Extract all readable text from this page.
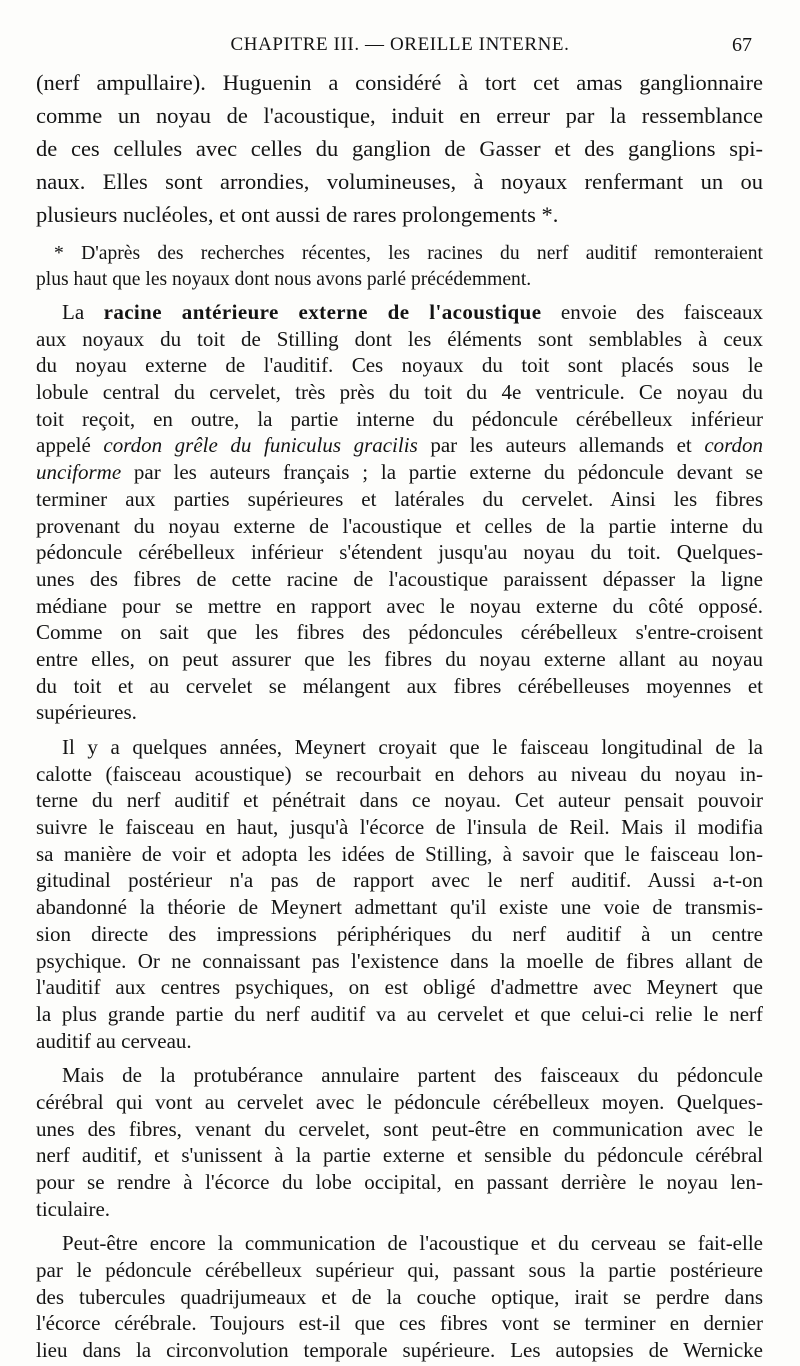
CHAPITRE III. — OREILLE INTERNE.	67
(nerf ampullaire). Huguenin a considéré à tort cet amas ganglionnaire
comme un noyau de l'acoustique, induit en erreur par la ressemblance
de ces cellules avec celles du ganglion de Gasser et des ganglions spi-
naux. Elles sont arrondies, volumineuses, à noyaux renfermant un ou
plusieurs nucléoles, et ont aussi de rares prolongements *.
* D'après des recherches récentes, les racines du nerf auditif remonteraient
plus haut que les noyaux dont nous avons parlé précédemment.
La racine antérieure externe de l'acoustique envoie des faisceaux
aux noyaux du toit de Stilling dont les éléments sont semblables à ceux
du noyau externe de l'auditif. Ces noyaux du toit sont placés sous le
lobule central du cervelet, très près du toit du 4e ventricule. Ce noyau du
toit reçoit, en outre, la partie interne du pédoncule cérébelleux inférieur
appelé cordon grêle du funiculus gracilis par les auteurs allemands et cordon
unciforme par les auteurs français ; la partie externe du pédoncule devant se
terminer aux parties supérieures et latérales du cervelet. Ainsi les fibres
provenant du noyau externe de l'acoustique et celles de la partie interne du
pédoncule cérébelleux inférieur s'étendent jusqu'au noyau du toit. Quelques-
unes des fibres de cette racine de l'acoustique paraissent dépasser la ligne
médiane pour se mettre en rapport avec le noyau externe du côté opposé.
Comme on sait que les fibres des pédoncules cérébelleux s'entre-croisent
entre elles, on peut assurer que les fibres du noyau externe allant au noyau
du toit et au cervelet se mélangent aux fibres cérébelleuses moyennes et
supérieures.
Il y a quelques années, Meynert croyait que le faisceau longitudinal de la
calotte (faisceau acoustique) se recourbait en dehors au niveau du noyau in-
terne du nerf auditif et pénétrait dans ce noyau. Cet auteur pensait pouvoir
suivre le faisceau en haut, jusqu'à l'écorce de l'insula de Reil. Mais il modifia
sa manière de voir et adopta les idées de Stilling, à savoir que le faisceau lon-
gitudinal postérieur n'a pas de rapport avec le nerf auditif. Aussi a-t-on
abandonné la théorie de Meynert admettant qu'il existe une voie de transmis-
sion directe des impressions périphériques du nerf auditif à un centre
psychique. Or ne connaissant pas l'existence dans la moelle de fibres allant de
l'auditif aux centres psychiques, on est obligé d'admettre avec Meynert que
la plus grande partie du nerf auditif va au cervelet et que celui-ci relie le nerf
auditif au cerveau.
Mais de la protubérance annulaire partent des faisceaux du pédoncule
cérébral qui vont au cervelet avec le pédoncule cérébelleux moyen. Quelques-
unes des fibres, venant du cervelet, sont peut-être en communication avec le
nerf auditif, et s'unissent à la partie externe et sensible du pédoncule cérébral
pour se rendre à l'écorce du lobe occipital, en passant derrière le noyau len-
ticulaire.
Peut-être encore la communication de l'acoustique et du cerveau se fait-elle
par le pédoncule cérébelleux supérieur qui, passant sous la partie postérieure
des tubercules quadrijumeaux et de la couche optique, irait se perdre dans
l'écorce cérébrale. Toujours est-il que ces fibres vont se terminer en dernier
lieu dans la circonvolution temporale supérieure. Les autopsies de Wernicke
